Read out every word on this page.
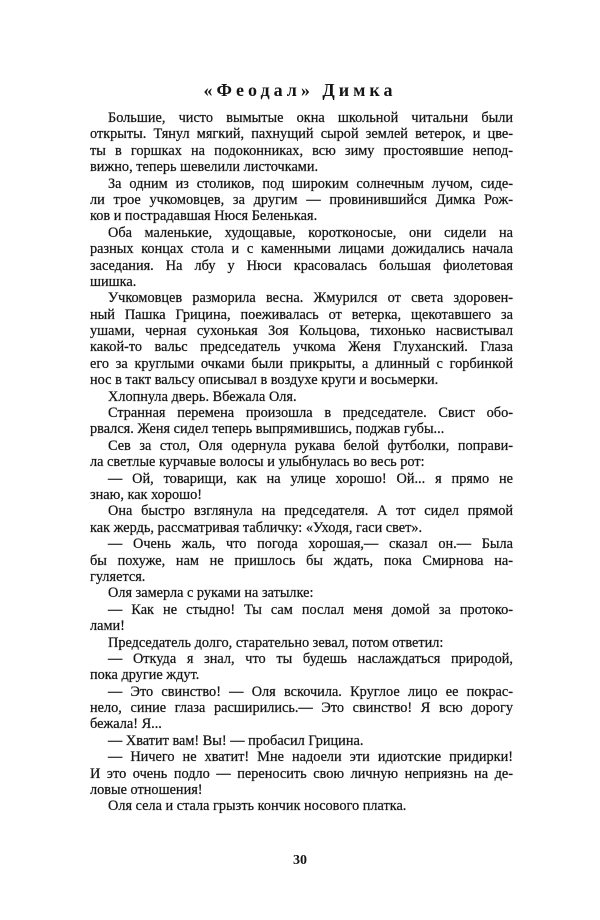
«Феодал» Димка
Большие, чисто вымытые окна школьной читальни были
открыты. Тянул мягкий, пахнущий сырой землей ветерок, и цве-
ты в горшках на подоконниках, всю зиму простоявшие непод-
вижно, теперь шевелили листочками.
За одним из столиков, под широким солнечным лучом, сиде-
ли трое учкомовцев, за другим — провинившийся Димка Рож-
ков и пострадавшая Нюся Беленькая.
Оба маленькие, худощавые, коротконосые, они сидели на
разных концах стола и с каменными лицами дожидались начала
заседания. На лбу у Нюси красовалась большая фиолетовая
шишка.
Учкомовцев разморила весна. Жмурился от света здоровен-
ный Пашка Грицина, поеживалась от ветерка, щекотавшего за
ушами, черная сухонькая Зоя Кольцова, тихонько насвистывал
какой-то вальс председатель учкома Женя Глуханский. Глаза
его за круглыми очками были прикрыты, а длинный с горбинкой
нос в такт вальсу описывал в воздухе круги и восьмерки.
Хлопнула дверь. Вбежала Оля.
Странная перемена произошла в председателе. Свист обо-
рвался. Женя сидел теперь выпрямившись, поджав губы...
Сев за стол, Оля одернула рукава белой футболки, поправи-
ла светлые курчавые волосы и улыбнулась во весь рот:
— Ой, товарищи, как на улице хорошо! Ой... я прямо не
знаю, как хорошо!
Она быстро взглянула на председателя. А тот сидел прямой
как жердь, рассматривая табличку: «Уходя, гаси свет».
— Очень жаль, что погода хорошая,— сказал он.— Была
бы похуже, нам не пришлось бы ждать, пока Смирнова на-
гуляется.
Оля замерла с руками на затылке:
— Как не стыдно! Ты сам послал меня домой за протоко-
лами!
Председатель долго, старательно зевал, потом ответил:
— Откуда я знал, что ты будешь наслаждаться природой,
пока другие ждут.
— Это свинство! — Оля вскочила. Круглое лицо ее покрас-
нело, синие глаза расширились.— Это свинство! Я всю дорогу
бежала! Я...
— Хватит вам! Вы! — пробасил Грицина.
— Ничего не хватит! Мне надоели эти идиотские придирки!
И это очень подло — переносить свою личную неприязнь на де-
ловые отношения!
Оля села и стала грызть кончик носового платка.
30
